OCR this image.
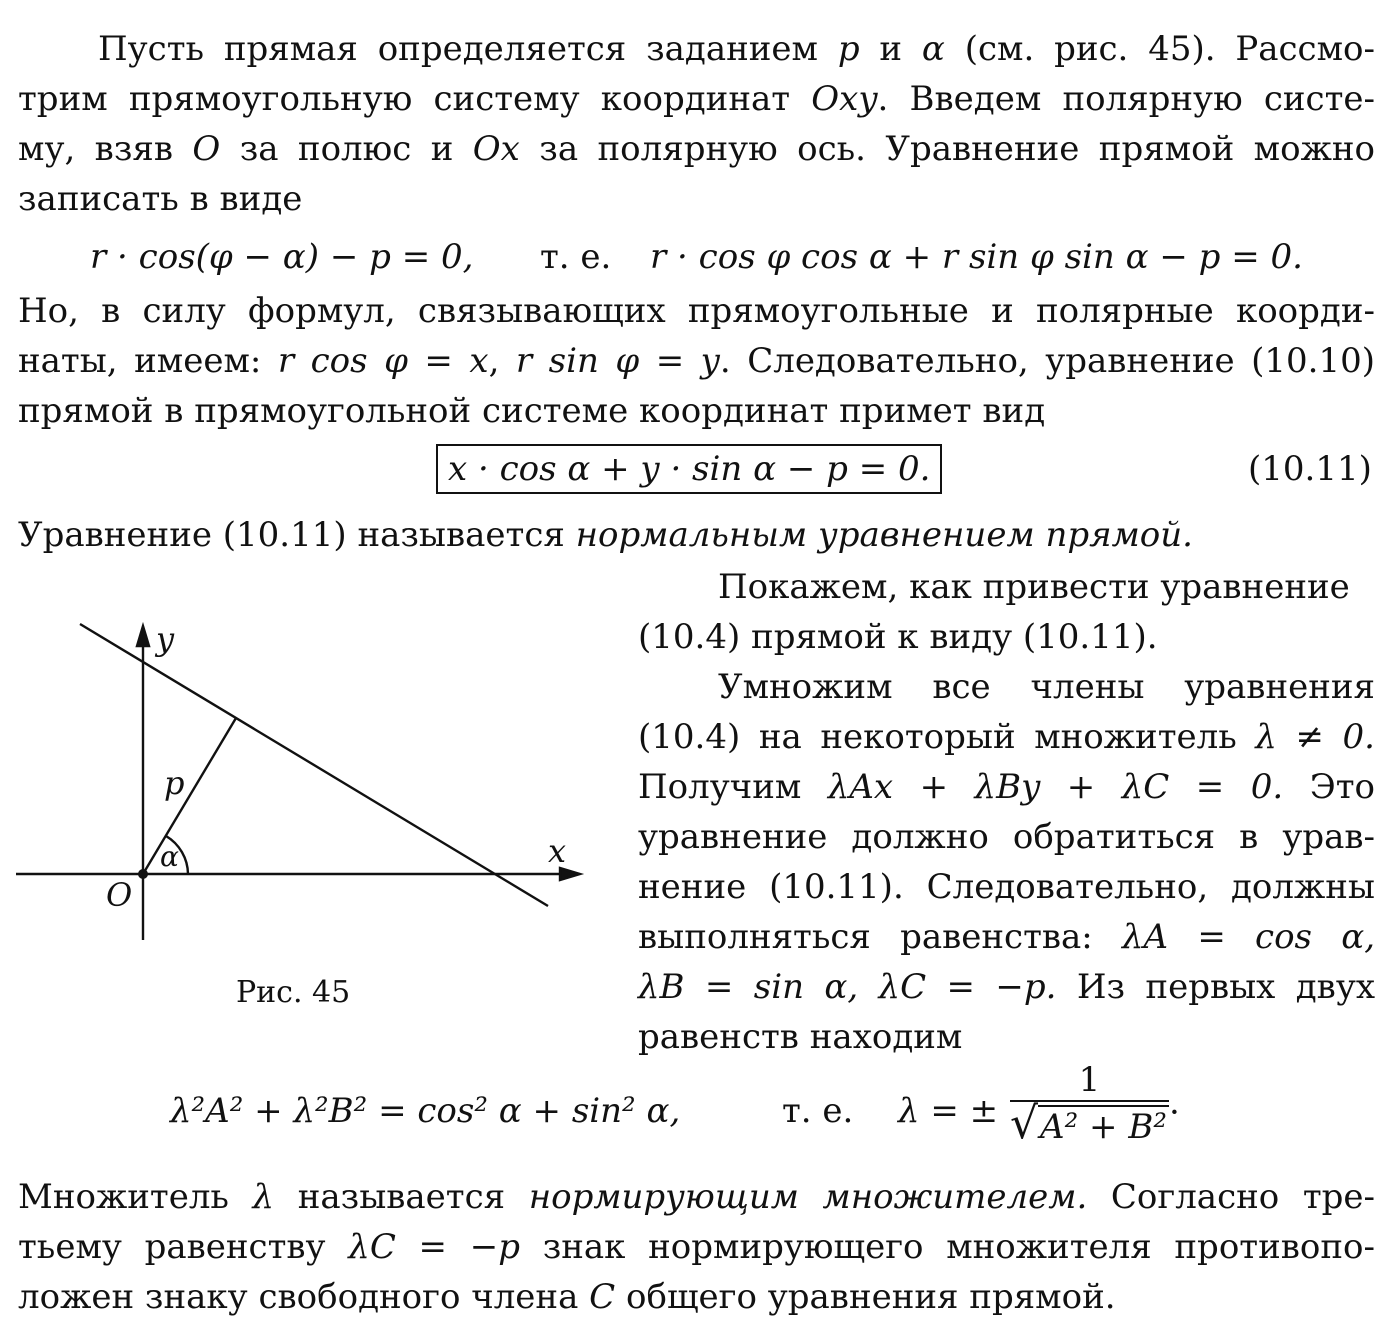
Пусть прямая определяется заданием p и α (см. рис. 45). Рассмо-
трим прямоугольную систему координат Oxy. Введем полярную систе-
му, взяв O за полюс и Ox за полярную ось. Уравнение прямой можно
записать в виде
r · cos(φ − α) − p = 0, т. е. r · cos φ cos α + r sin φ sin α − p = 0.
Но, в силу формул, связывающих прямоугольные и полярные коорди-
наты, имеем: r cos φ = x, r sin φ = y. Следовательно, уравнение (10.10)
прямой в прямоугольной системе координат примет вид
x · cos α + y · sin α − p = 0.	(10.11)
Уравнение (10.11) называется нормальным уравнением прямой.
y
x
O
p
α
Рис. 45
Покажем, как привести уравнение
(10.4) прямой к виду (10.11).
Умножим все члены уравнения
(10.4) на некоторый множитель λ ≠ 0.
Получим λAx + λBy + λC = 0. Это
уравнение должно обратиться в урав-
нение (10.11). Следовательно, должны
выполняться равенства: λA = cos α,
λB = sin α, λC = −p. Из первых двух
равенств находим
λ²A² + λ²B² = cos² α + sin² α,	т. е. λ = ± $\frac{1}{\text{√A² + B²}}$ .
Множитель λ называется нормирующим множителем. Согласно тре-
тьему равенству λC = −p знак нормирующего множителя противопо-
ложен знаку свободного члена C общего уравнения прямой.
